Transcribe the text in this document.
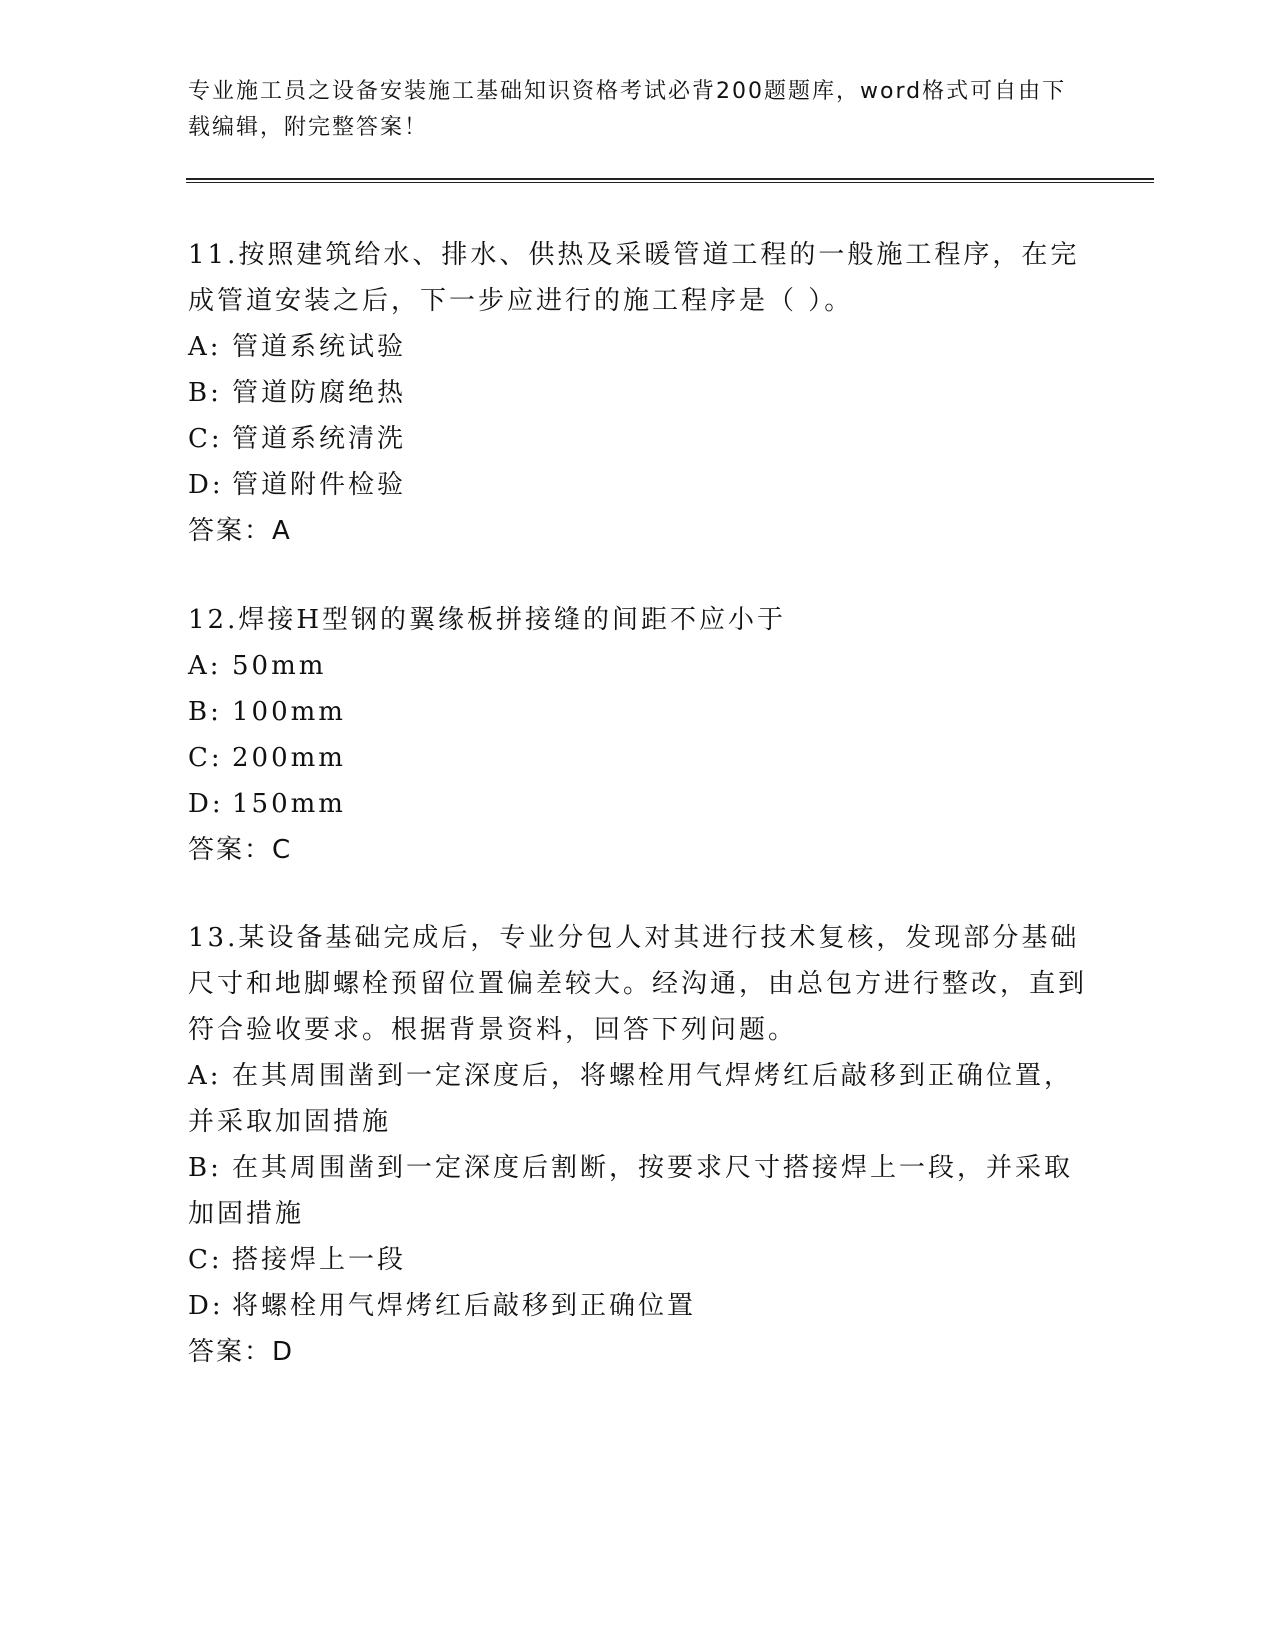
专业施工员之设备安装施工基础知识资格考试必背200题题库，word格式可自由下载编辑，附完整答案！

11.按照建筑给水、排水、供热及采暖管道工程的一般施工程序，在完成管道安装之后，下一步应进行的施工程序是（ ）。

A: 管道系统试验
B: 管道防腐绝热
C: 管道系统清洗
D: 管道附件检验
答案：A

12.焊接H型钢的翼缘板拼接缝的间距不应小于

A: 50mm
B: 100mm
C: 200mm
D: 150mm
答案：C

13.某设备基础完成后，专业分包人对其进行技术复核，发现部分基础尺寸和地脚螺栓预留位置偏差较大。经沟通，由总包方进行整改，直到符合验收要求。根据背景资料，回答下列问题。

A: 在其周围凿到一定深度后，将螺栓用气焊烤红后敲移到正确位置，并采取加固措施
B: 在其周围凿到一定深度后割断，按要求尺寸搭接焊上一段，并采取加固措施
C: 搭接焊上一段
D: 将螺栓用气焊烤红后敲移到正确位置
答案：D
